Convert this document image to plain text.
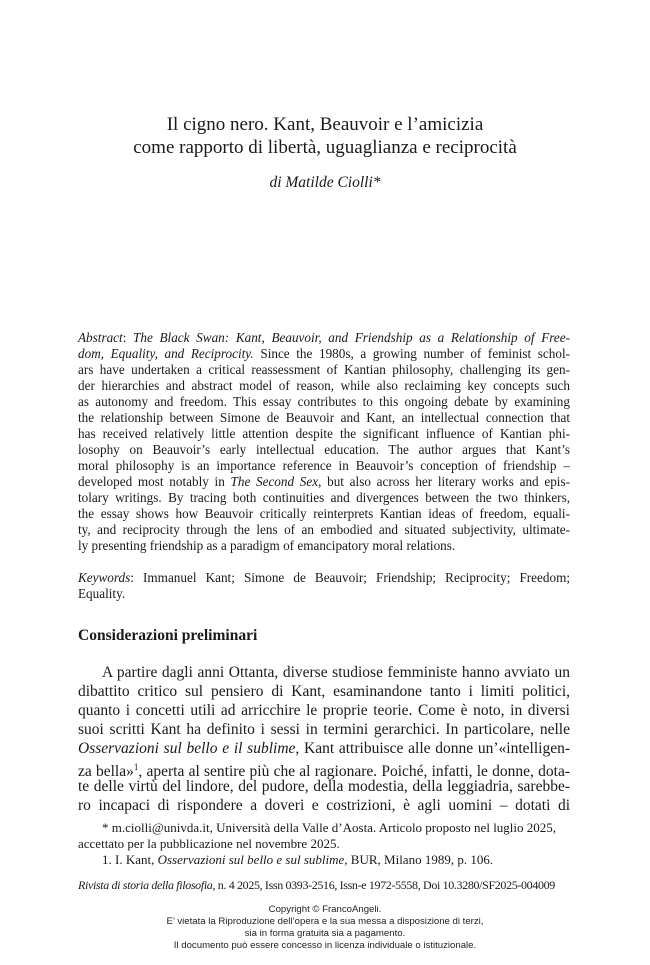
Il cigno nero. Kant, Beauvoir e l’amicizia
come rapporto di libertà, uguaglianza e reciprocità
di Matilde Ciolli*
Abstract: The Black Swan: Kant, Beauvoir, and Friendship as a Relationship of Free-
dom, Equality, and Reciprocity. Since the 1980s, a growing number of feminist schol-
ars have undertaken a critical reassessment of Kantian philosophy, challenging its gen-
der hierarchies and abstract model of reason, while also reclaiming key concepts such
as autonomy and freedom. This essay contributes to this ongoing debate by examining
the relationship between Simone de Beauvoir and Kant, an intellectual connection that
has received relatively little attention despite the significant influence of Kantian phi-
losophy on Beauvoir’s early intellectual education. The author argues that Kant’s
moral philosophy is an importance reference in Beauvoir’s conception of friendship –
developed most notably in The Second Sex, but also across her literary works and epis-
tolary writings. By tracing both continuities and divergences between the two thinkers,
the essay shows how Beauvoir critically reinterprets Kantian ideas of freedom, equali-
ty, and reciprocity through the lens of an embodied and situated subjectivity, ultimate-
ly presenting friendship as a paradigm of emancipatory moral relations.
Keywords: Immanuel Kant; Simone de Beauvoir; Friendship; Reciprocity; Freedom;
Equality.
Considerazioni preliminari
A partire dagli anni Ottanta, diverse studiose femministe hanno avviato un
dibattito critico sul pensiero di Kant, esaminandone tanto i limiti politici,
quanto i concetti utili ad arricchire le proprie teorie. Come è noto, in diversi
suoi scritti Kant ha definito i sessi in termini gerarchici. In particolare, nelle
Osservazioni sul bello e il sublime, Kant attribuisce alle donne un’«intelligen-
za bella»$^1$, aperta al sentire più che al ragionare. Poiché, infatti, le donne, dota-
te delle virtù del lindore, del pudore, della modestia, della leggiadria, sarebbe-
ro incapaci di rispondere a doveri e costrizioni, è agli uomini – dotati di
* m.ciolli@univda.it, Università della Valle d’Aosta. Articolo proposto nel luglio 2025,
accettato per la pubblicazione nel novembre 2025.
1. I. Kant, Osservazioni sul bello e sul sublime, BUR, Milano 1989, p. 106.
Rivista di storia della filosofia, n. 4 2025, Issn 0393-2516, Issn-e 1972-5558, Doi 10.3280/SF2025-004009
Copyright © FrancoAngeli.
E’ vietata la Riproduzione dell’opera e la sua messa a disposizione di terzi,
sia in forma gratuita sia a pagamento.
Il documento può essere concesso in licenza individuale o istituzionale.
